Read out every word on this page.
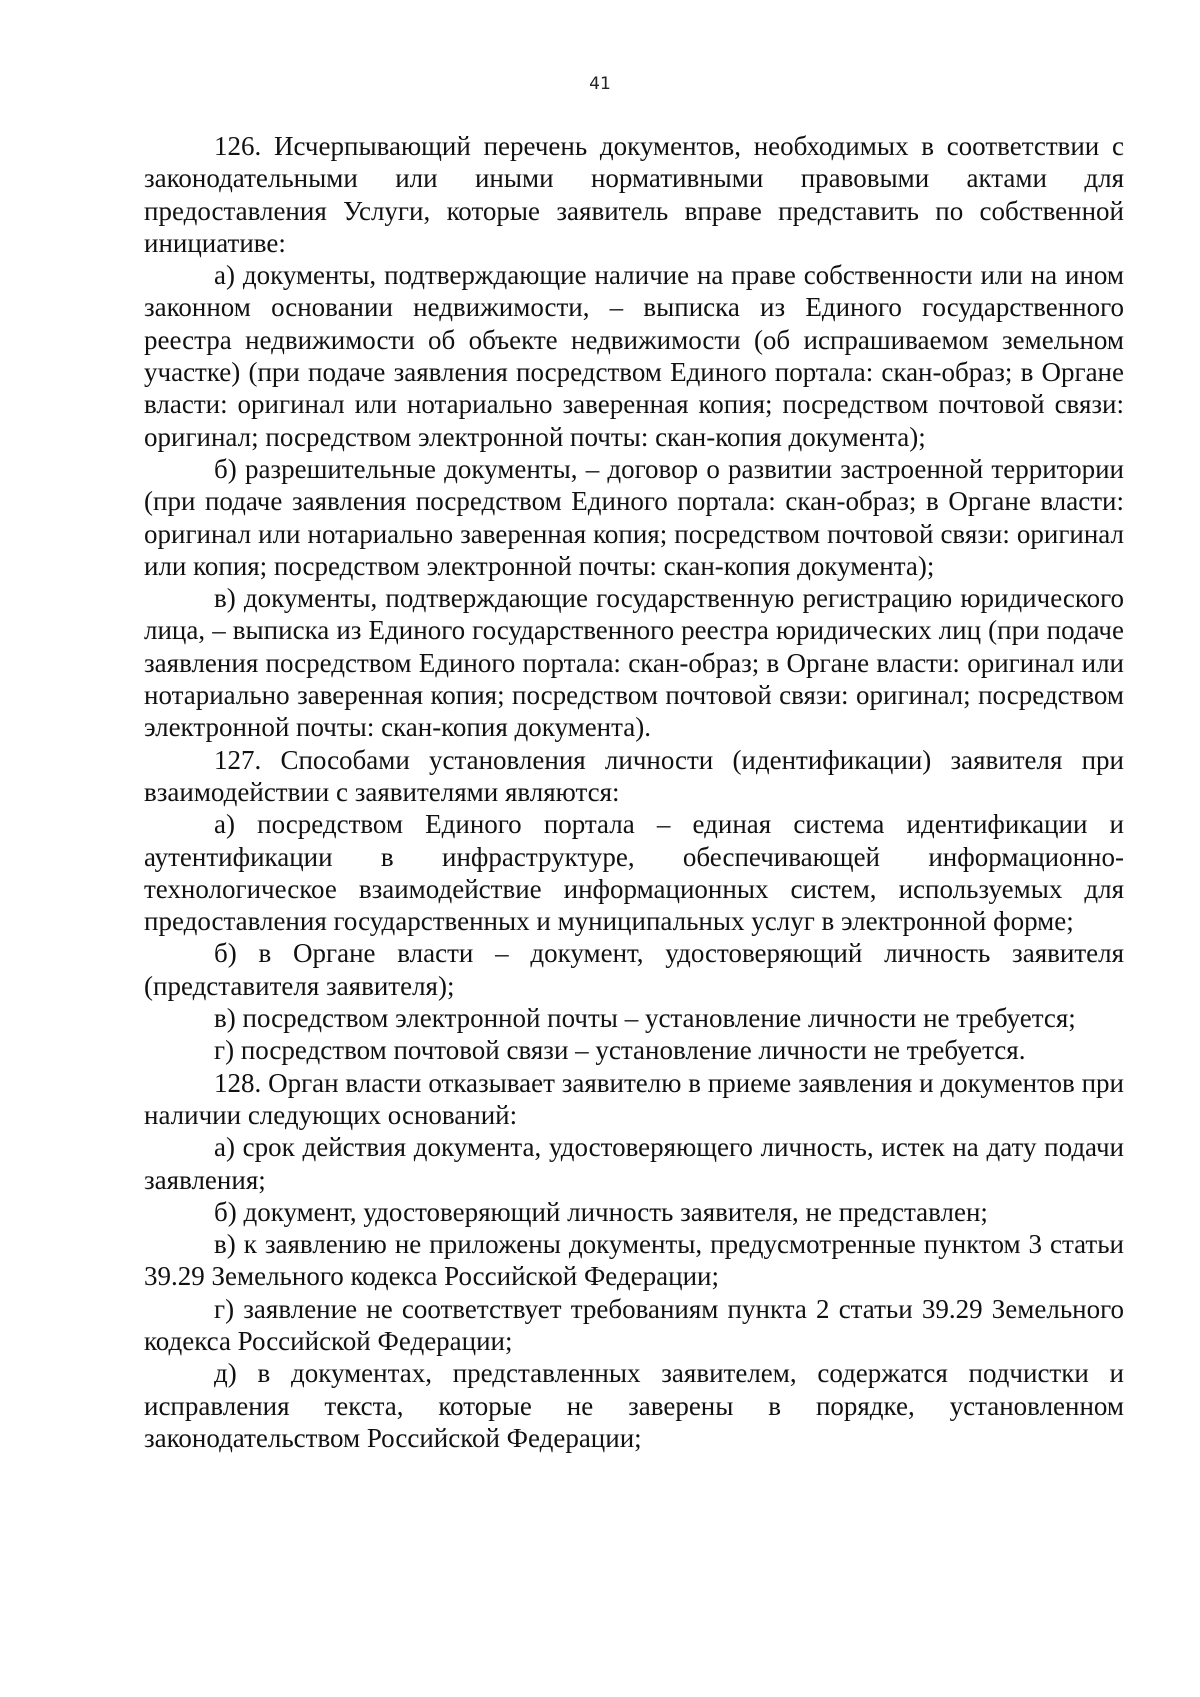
41

126. Исчерпывающий перечень документов, необходимых в соответствии с законодательными или иными нормативными правовыми актами для предоставления Услуги, которые заявитель вправе представить по собственной инициативе:

а) документы, подтверждающие наличие на праве собственности или на ином законном основании недвижимости, – выписка из Единого государственного реестра недвижимости об объекте недвижимости (об испрашиваемом земельном участке) (при подаче заявления посредством Единого портала: скан-образ; в Органе власти: оригинал или нотариально заверенная копия; посредством почтовой связи: оригинал; посредством электронной почты: скан-копия документа);

б) разрешительные документы, – договор о развитии застроенной территории (при подаче заявления посредством Единого портала: скан-образ; в Органе власти: оригинал или нотариально заверенная копия; посредством почтовой связи: оригинал или копия; посредством электронной почты: скан-копия документа);

в) документы, подтверждающие государственную регистрацию юридического лица, – выписка из Единого государственного реестра юридических лиц (при подаче заявления посредством Единого портала: скан-образ; в Органе власти: оригинал или нотариально заверенная копия; посредством почтовой связи: оригинал; посредством электронной почты: скан-копия документа).

127. Способами установления личности (идентификации) заявителя при взаимодействии с заявителями являются:

а) посредством Единого портала – единая система идентификации и аутентификации в инфраструктуре, обеспечивающей информационно-технологическое взаимодействие информационных систем, используемых для предоставления государственных и муниципальных услуг в электронной форме;

б) в Органе власти – документ, удостоверяющий личность заявителя (представителя заявителя);

в) посредством электронной почты – установление личности не требуется;

г) посредством почтовой связи – установление личности не требуется.

128. Орган власти отказывает заявителю в приеме заявления и документов при наличии следующих оснований:

а) срок действия документа, удостоверяющего личность, истек на дату подачи заявления;

б) документ, удостоверяющий личность заявителя, не представлен;

в) к заявлению не приложены документы, предусмотренные пунктом 3 статьи 39.29 Земельного кодекса Российской Федерации;

г) заявление не соответствует требованиям пункта 2 статьи 39.29 Земельного кодекса Российской Федерации;

д) в документах, представленных заявителем, содержатся подчистки и исправления текста, которые не заверены в порядке, установленном законодательством Российской Федерации;
